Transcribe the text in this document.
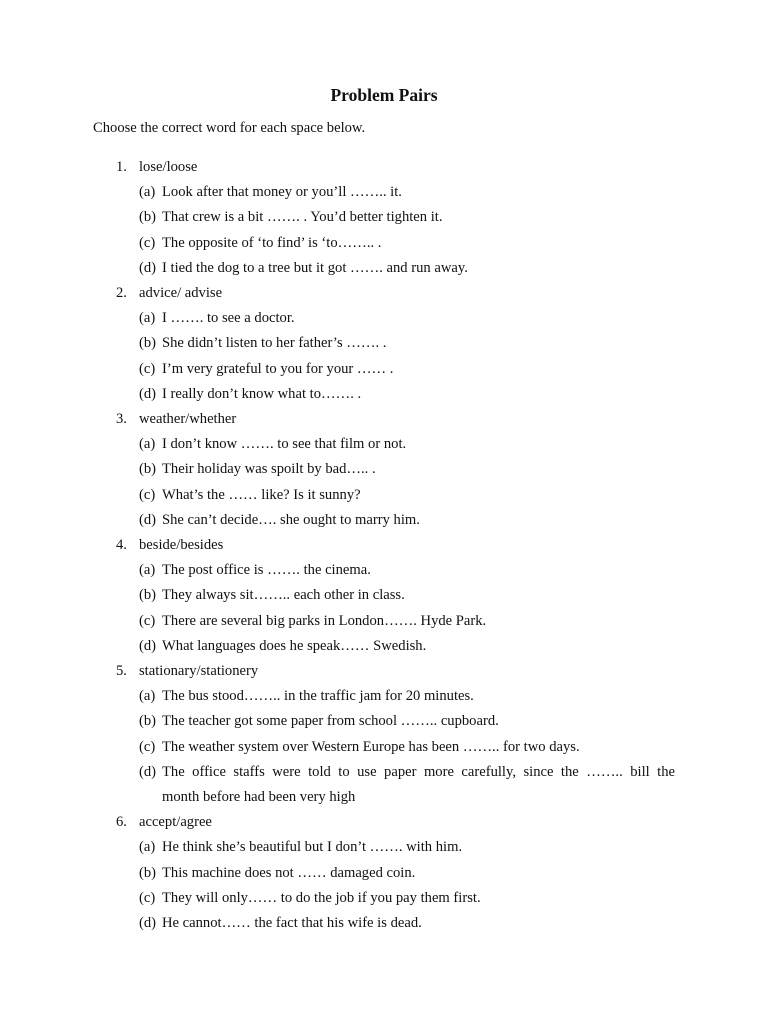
Problem Pairs
Choose the correct word for each space below.
1. lose/loose
(a) Look after that money or you’ll …….. it.
(b) That crew is a bit ……. . You’d better tighten it.
(c) The opposite of ‘to find’ is ‘to…….. .
(d) I tied the dog to a tree but it got ……. and run away.
2. advice/ advise
(a) I ……. to see a doctor.
(b) She didn’t listen to her father’s ……. .
(c) I’m very grateful to you for your …… .
(d) I really don’t know what to……. .
3. weather/whether
(a) I don’t know ……. to see that film or not.
(b) Their holiday was spoilt by bad….. .
(c) What’s the …… like? Is it sunny?
(d) She can’t decide…. she ought to marry him.
4. beside/besides
(a) The post office is ……. the cinema.
(b) They always sit…….. each other in class.
(c) There are several big parks in London……. Hyde Park.
(d) What languages does he speak…… Swedish.
5. stationary/stationery
(a) The bus stood…….. in the traffic jam for 20 minutes.
(b) The teacher got some paper from school …….. cupboard.
(c) The weather system over Western Europe has been …….. for two days.
(d) The office staffs were told to use paper more carefully, since the …….. bill the
month before had been very high
6. accept/agree
(a) He think she’s beautiful but I don’t ……. with him.
(b) This machine does not …… damaged coin.
(c) They will only…… to do the job if you pay them first.
(d) He cannot…… the fact that his wife is dead.
